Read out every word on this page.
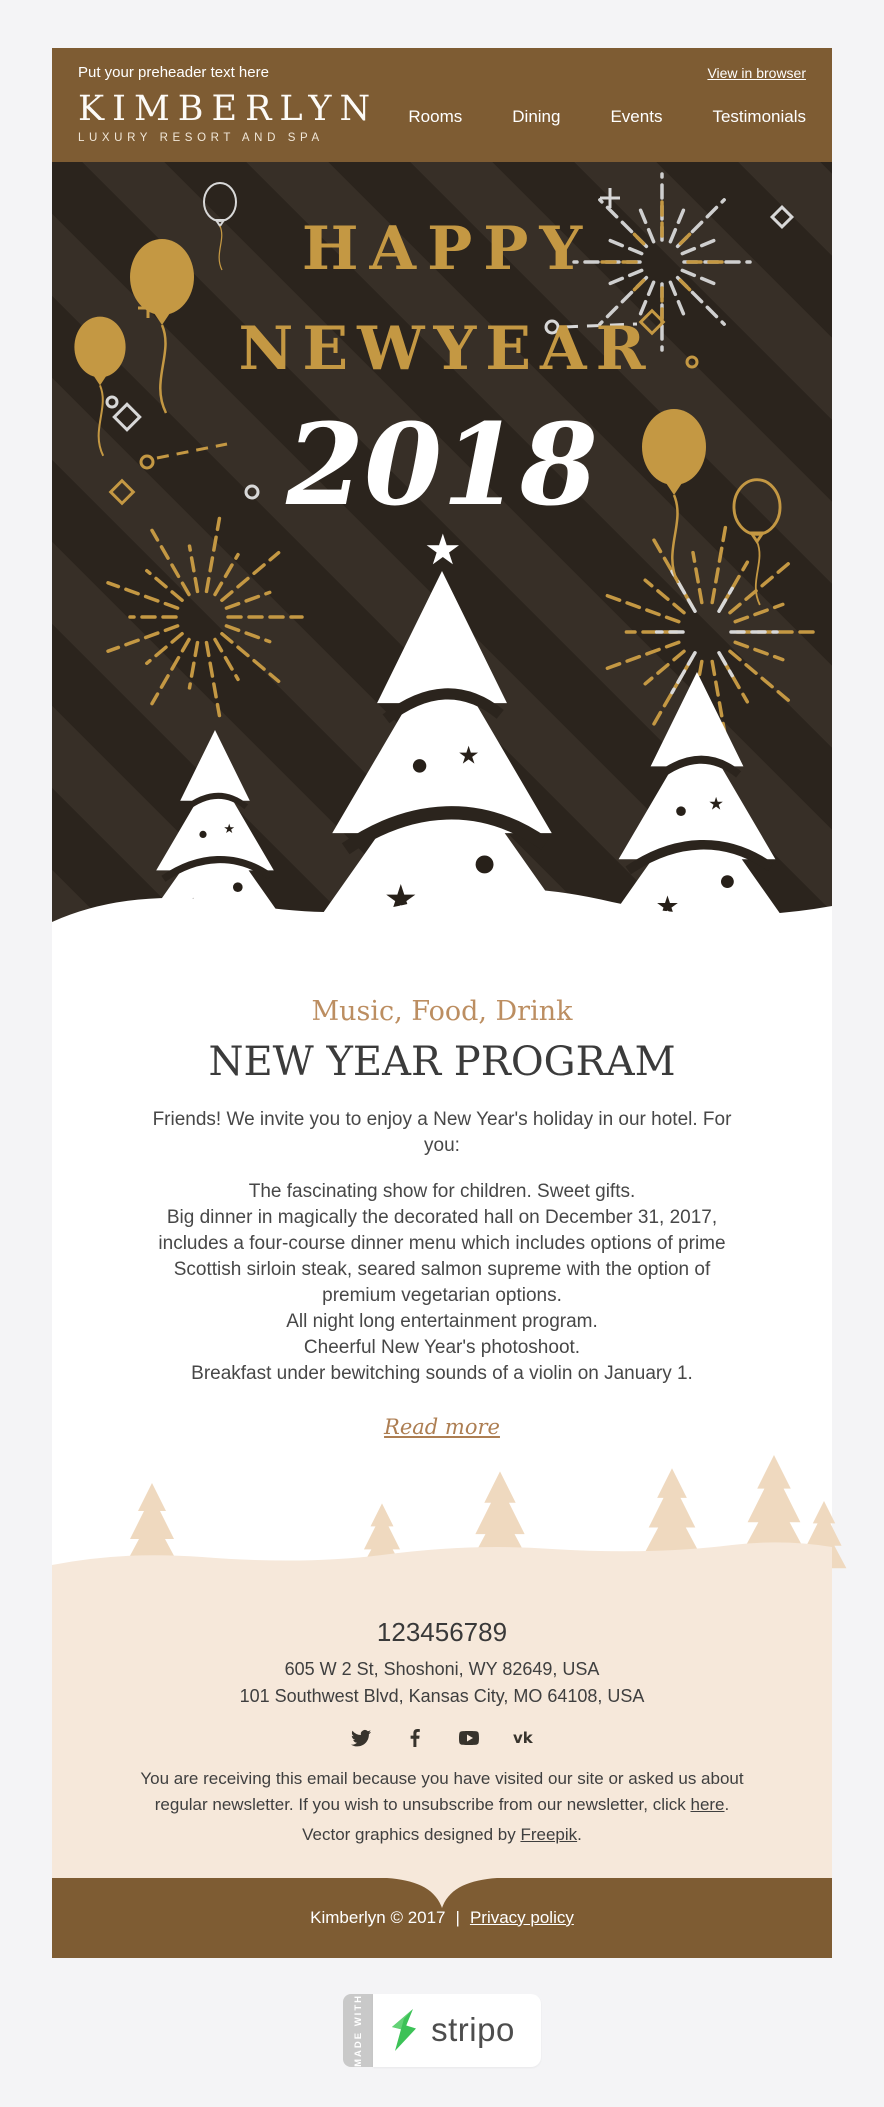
Put your preheader text here	View in browser
KIMBERLYN
LUXURY RESORT AND SPA
Rooms	Dining	Events	Testimonials
★
★
★
HAPPY
NEWYEAR
2018
Music, Food, Drink
NEW YEAR PROGRAM

Friends! We invite you to enjoy a New Year's holiday in our hotel. For you:

The fascinating show for children. Sweet gifts.
Big dinner in magically the decorated hall on December 31, 2017, includes a four-course dinner menu which includes options of prime Scottish sirloin steak, seared salmon supreme with the option of premium vegetarian options.
All night long entertainment program.
Cheerful New Year's photoshoot.
Breakfast under bewitching sounds of a violin on January 1.
Read more
123456789
605 W 2 St, Shoshoni, WY 82649, USA
101 Southwest Blvd, Kansas City, MO 64108, USA
vk

You are receiving this email because you have visited our site or asked us about regular newsletter. If you wish to unsubscribe from our newsletter, click here.

Vector graphics designed by Freepik.

Kimberlyn © 2017 | Privacy policy
MADE WITH stripo
